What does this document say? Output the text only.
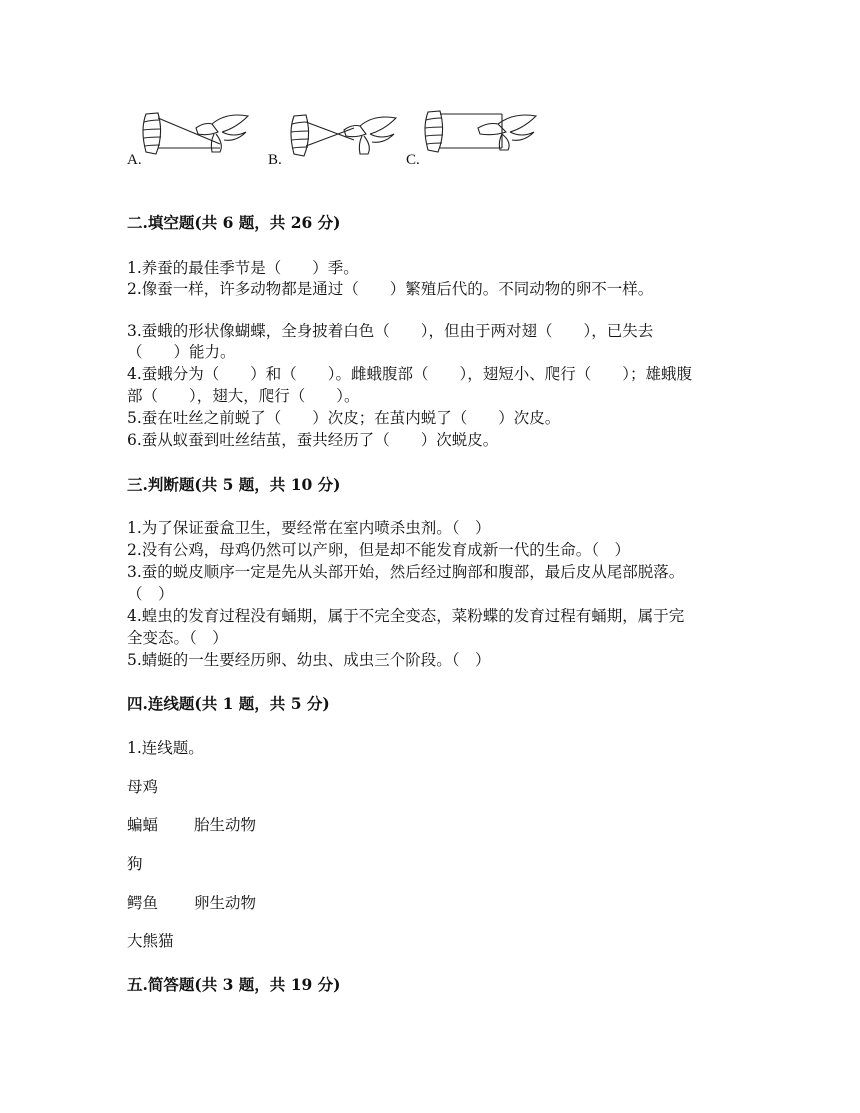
A.	B.	C.
二.填空题(共 6 题，共 26 分)
1.养蚕的最佳季节是（　　）季。
2.像蚕一样，许多动物都是通过（　　）繁殖后代的。不同动物的卵不一样。
3.蚕蛾的形状像蝴蝶，全身披着白色（　　），但由于两对翅（　　），已失去
（　　）能力。
4.蚕蛾分为（　　）和（　　）。雌蛾腹部（　　），翅短小、爬行（　　）；雄蛾腹
部（　　），翅大，爬行（　　）。
5.蚕在吐丝之前蜕了（　　）次皮；在茧内蜕了（　　）次皮。
6.蚕从蚁蚕到吐丝结茧，蚕共经历了（　　）次蜕皮。
三.判断题(共 5 题，共 10 分)
1.为了保证蚕盒卫生，要经常在室内喷杀虫剂。（　）
2.没有公鸡，母鸡仍然可以产卵，但是却不能发育成新一代的生命。（　）
3.蚕的蜕皮顺序一定是先从头部开始，然后经过胸部和腹部，最后皮从尾部脱落。
（　）
4.蝗虫的发育过程没有蛹期，属于不完全变态，菜粉蝶的发育过程有蛹期，属于完
全变态。（　）
5.蜻蜓的一生要经历卵、幼虫、成虫三个阶段。（　）
四.连线题(共 1 题，共 5 分)
1.连线题。
母鸡
蝙蝠 胎生动物
狗
鳄鱼 卵生动物
大熊猫
五.简答题(共 3 题，共 19 分)
